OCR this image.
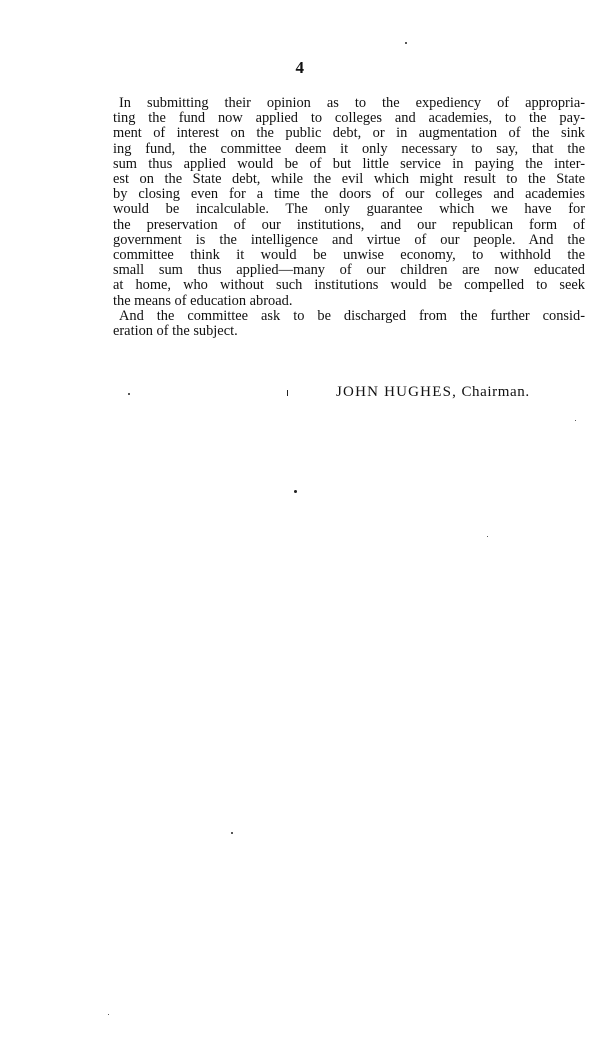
4
In submitting their opinion as to the expediency of appropria-
ting the fund now applied to colleges and academies, to the pay-
ment of interest on the public debt, or in augmentation of the sink
ing fund, the committee deem it only necessary to say, that the
sum thus applied would be of but little service in paying the inter-
est on the State debt, while the evil which might result to the State
by closing even for a time the doors of our colleges and academies
would be incalculable. The only guarantee which we have for
the preservation of our institutions, and our republican form of
government is the intelligence and virtue of our people. And the
committee think it would be unwise economy, to withhold the
small sum thus applied—many of our children are now educated
at home, who without such institutions would be compelled to seek
the means of education abroad.
And the committee ask to be discharged from the further consid-
eration of the subject.
JOHN HUGHES, Chairman.
